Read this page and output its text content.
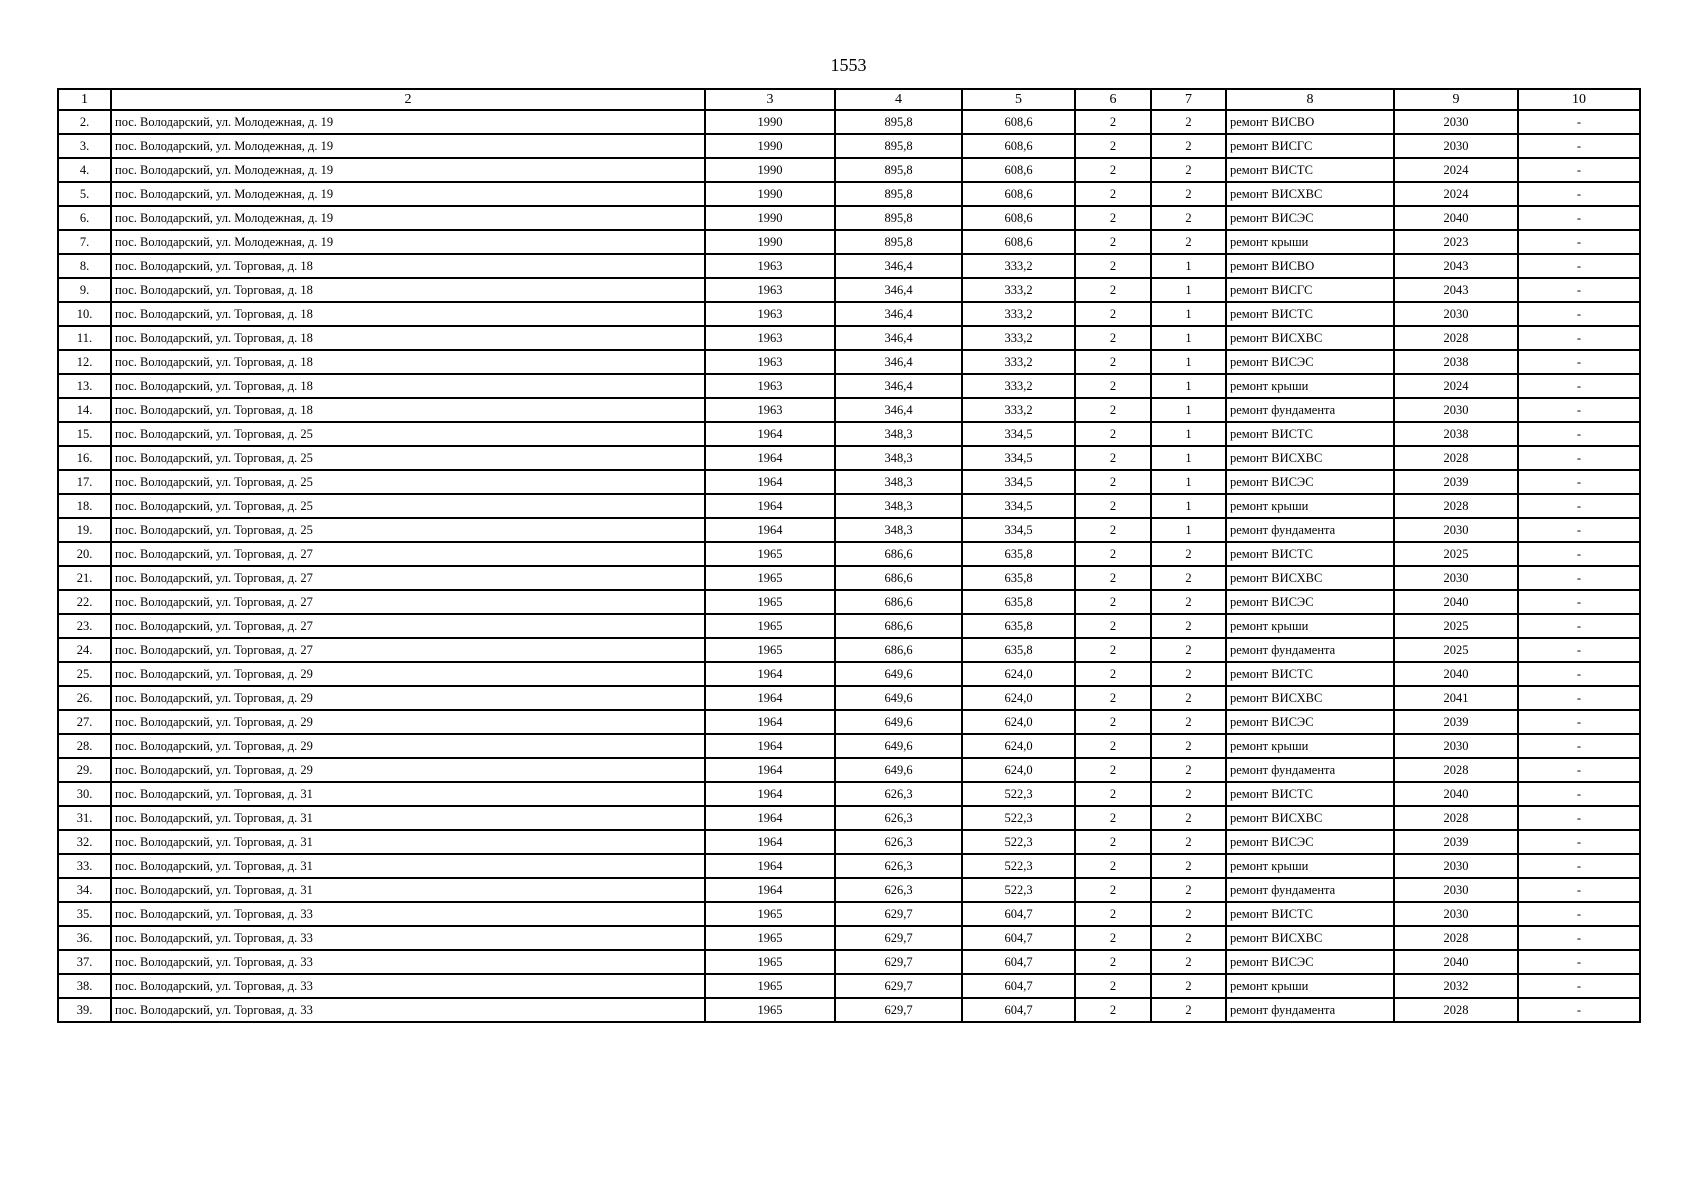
1553
1	2	3	4	5	6	7	8	9	10
2.	пос. Володарский, ул. Молодежная, д. 19	1990	895,8	608,6	2	2	ремонт ВИСВО	2030	-
3.	пос. Володарский, ул. Молодежная, д. 19	1990	895,8	608,6	2	2	ремонт ВИСГС	2030	-
4.	пос. Володарский, ул. Молодежная, д. 19	1990	895,8	608,6	2	2	ремонт ВИСТС	2024	-
5.	пос. Володарский, ул. Молодежная, д. 19	1990	895,8	608,6	2	2	ремонт ВИСХВС	2024	-
6.	пос. Володарский, ул. Молодежная, д. 19	1990	895,8	608,6	2	2	ремонт ВИСЭС	2040	-
7.	пос. Володарский, ул. Молодежная, д. 19	1990	895,8	608,6	2	2	ремонт крыши	2023	-
8.	пос. Володарский, ул. Торговая, д. 18	1963	346,4	333,2	2	1	ремонт ВИСВО	2043	-
9.	пос. Володарский, ул. Торговая, д. 18	1963	346,4	333,2	2	1	ремонт ВИСГС	2043	-
10.	пос. Володарский, ул. Торговая, д. 18	1963	346,4	333,2	2	1	ремонт ВИСТС	2030	-
11.	пос. Володарский, ул. Торговая, д. 18	1963	346,4	333,2	2	1	ремонт ВИСХВС	2028	-
12.	пос. Володарский, ул. Торговая, д. 18	1963	346,4	333,2	2	1	ремонт ВИСЭС	2038	-
13.	пос. Володарский, ул. Торговая, д. 18	1963	346,4	333,2	2	1	ремонт крыши	2024	-
14.	пос. Володарский, ул. Торговая, д. 18	1963	346,4	333,2	2	1	ремонт фундамента	2030	-
15.	пос. Володарский, ул. Торговая, д. 25	1964	348,3	334,5	2	1	ремонт ВИСТС	2038	-
16.	пос. Володарский, ул. Торговая, д. 25	1964	348,3	334,5	2	1	ремонт ВИСХВС	2028	-
17.	пос. Володарский, ул. Торговая, д. 25	1964	348,3	334,5	2	1	ремонт ВИСЭС	2039	-
18.	пос. Володарский, ул. Торговая, д. 25	1964	348,3	334,5	2	1	ремонт крыши	2028	-
19.	пос. Володарский, ул. Торговая, д. 25	1964	348,3	334,5	2	1	ремонт фундамента	2030	-
20.	пос. Володарский, ул. Торговая, д. 27	1965	686,6	635,8	2	2	ремонт ВИСТС	2025	-
21.	пос. Володарский, ул. Торговая, д. 27	1965	686,6	635,8	2	2	ремонт ВИСХВС	2030	-
22.	пос. Володарский, ул. Торговая, д. 27	1965	686,6	635,8	2	2	ремонт ВИСЭС	2040	-
23.	пос. Володарский, ул. Торговая, д. 27	1965	686,6	635,8	2	2	ремонт крыши	2025	-
24.	пос. Володарский, ул. Торговая, д. 27	1965	686,6	635,8	2	2	ремонт фундамента	2025	-
25.	пос. Володарский, ул. Торговая, д. 29	1964	649,6	624,0	2	2	ремонт ВИСТС	2040	-
26.	пос. Володарский, ул. Торговая, д. 29	1964	649,6	624,0	2	2	ремонт ВИСХВС	2041	-
27.	пос. Володарский, ул. Торговая, д. 29	1964	649,6	624,0	2	2	ремонт ВИСЭС	2039	-
28.	пос. Володарский, ул. Торговая, д. 29	1964	649,6	624,0	2	2	ремонт крыши	2030	-
29.	пос. Володарский, ул. Торговая, д. 29	1964	649,6	624,0	2	2	ремонт фундамента	2028	-
30.	пос. Володарский, ул. Торговая, д. 31	1964	626,3	522,3	2	2	ремонт ВИСТС	2040	-
31.	пос. Володарский, ул. Торговая, д. 31	1964	626,3	522,3	2	2	ремонт ВИСХВС	2028	-
32.	пос. Володарский, ул. Торговая, д. 31	1964	626,3	522,3	2	2	ремонт ВИСЭС	2039	-
33.	пос. Володарский, ул. Торговая, д. 31	1964	626,3	522,3	2	2	ремонт крыши	2030	-
34.	пос. Володарский, ул. Торговая, д. 31	1964	626,3	522,3	2	2	ремонт фундамента	2030	-
35.	пос. Володарский, ул. Торговая, д. 33	1965	629,7	604,7	2	2	ремонт ВИСТС	2030	-
36.	пос. Володарский, ул. Торговая, д. 33	1965	629,7	604,7	2	2	ремонт ВИСХВС	2028	-
37.	пос. Володарский, ул. Торговая, д. 33	1965	629,7	604,7	2	2	ремонт ВИСЭС	2040	-
38.	пос. Володарский, ул. Торговая, д. 33	1965	629,7	604,7	2	2	ремонт крыши	2032	-
39.	пос. Володарский, ул. Торговая, д. 33	1965	629,7	604,7	2	2	ремонт фундамента	2028	-
